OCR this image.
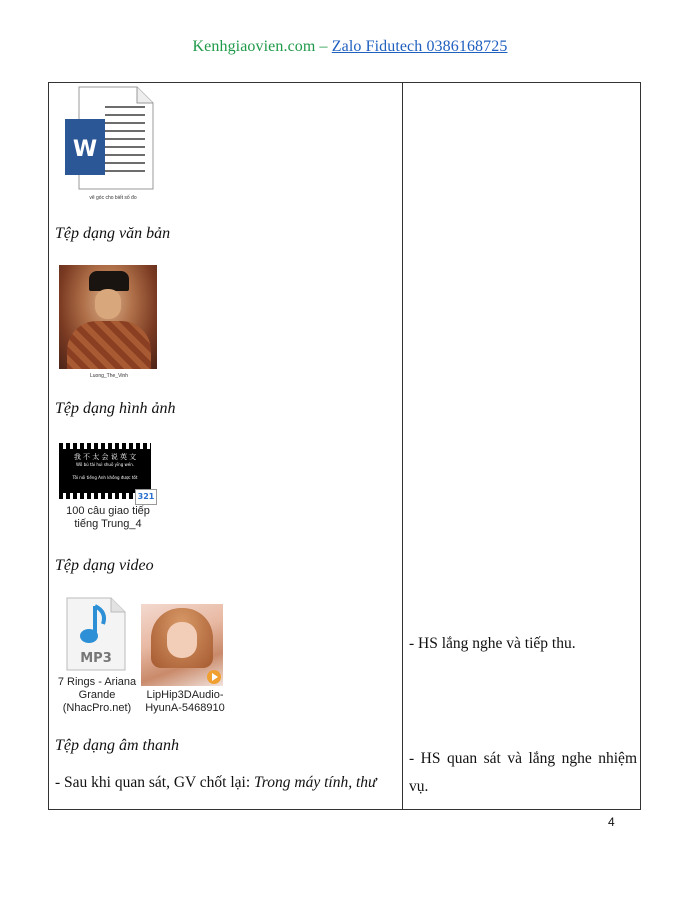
Kenhgiaovien.com – Zalo Fidutech 0386168725
W
vẽ góc cho biết số đo
Tệp dạng văn bản
Luong_The_Vinh
Tệp dạng hình ảnh
我 不 太 会 说 英 文
Wǒ bú tài huì shuō yīng wén.
Tôi nói tiếng Anh không được tốt
321
100 câu giao tiếp
tiếng Trung_4
Tệp dạng video
MP3
7 Rings - Ariana
Grande
(NhacPro.net)
LipHip3DAudio-
HyunA-5468910
Tệp dạng âm thanh
- Sau khi quan sát, GV chốt lại: Trong máy tính, thư
- HS lắng nghe và tiếp thu.
- HS quan sát và lắng nghe nhiệm
vụ.
4
